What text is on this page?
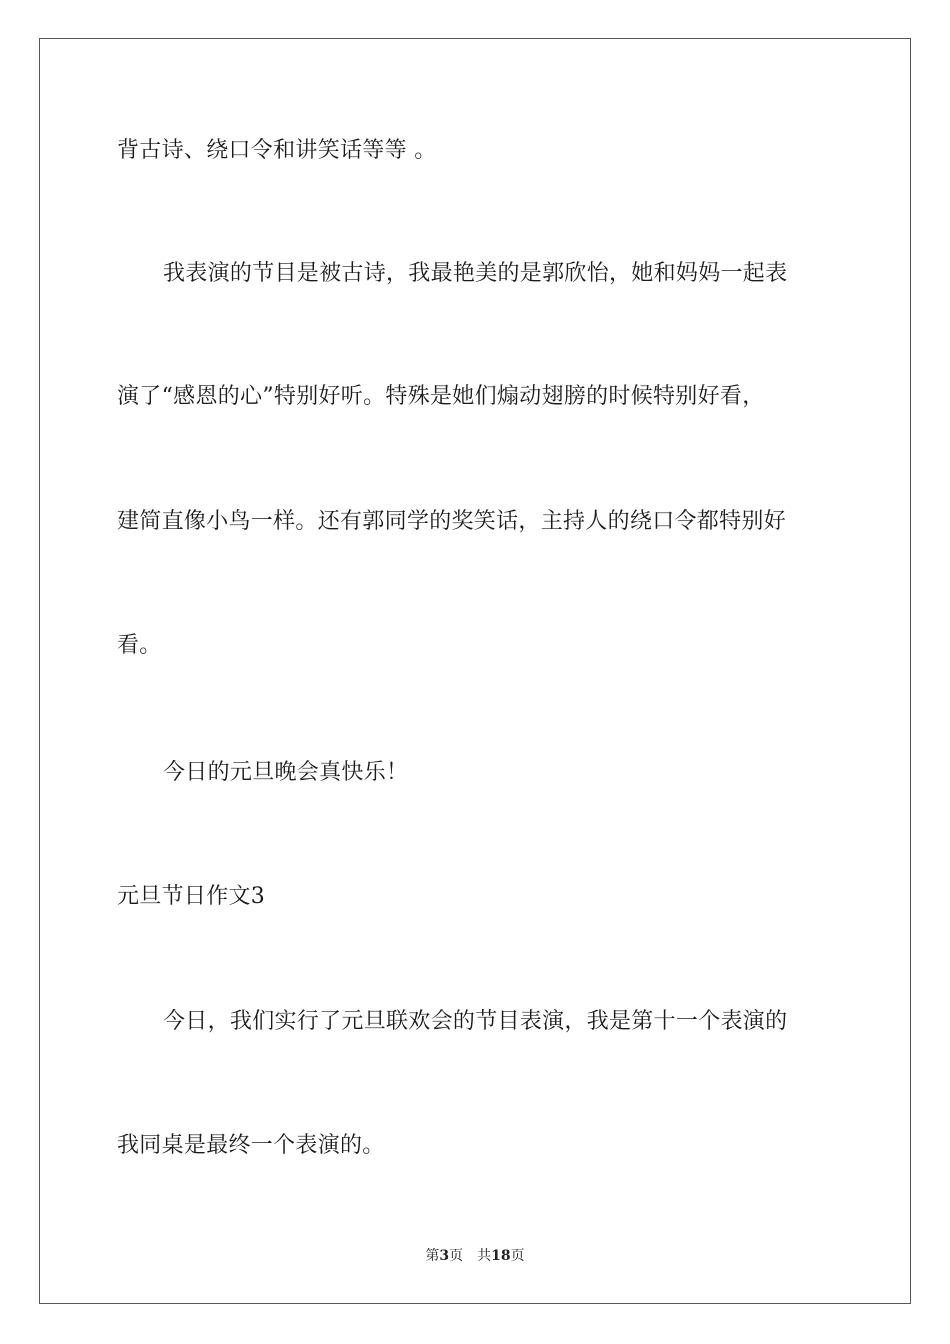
背古诗、绕口令和讲笑话等等 。
我表演的节目是被古诗，我最艳美的是郭欣怡，她和妈妈一起表
演了“感恩的心”特别好听。特殊是她们煽动翅膀的时候特别好看，
建简直像小鸟一样。还有郭同学的奖笑话，主持人的绕口令都特别好
看。
今日的元旦晚会真快乐！
元旦节日作文3
今日，我们实行了元旦联欢会的节目表演，我是第十一个表演的
我同桌是最终一个表演的。
第3页 共18页
